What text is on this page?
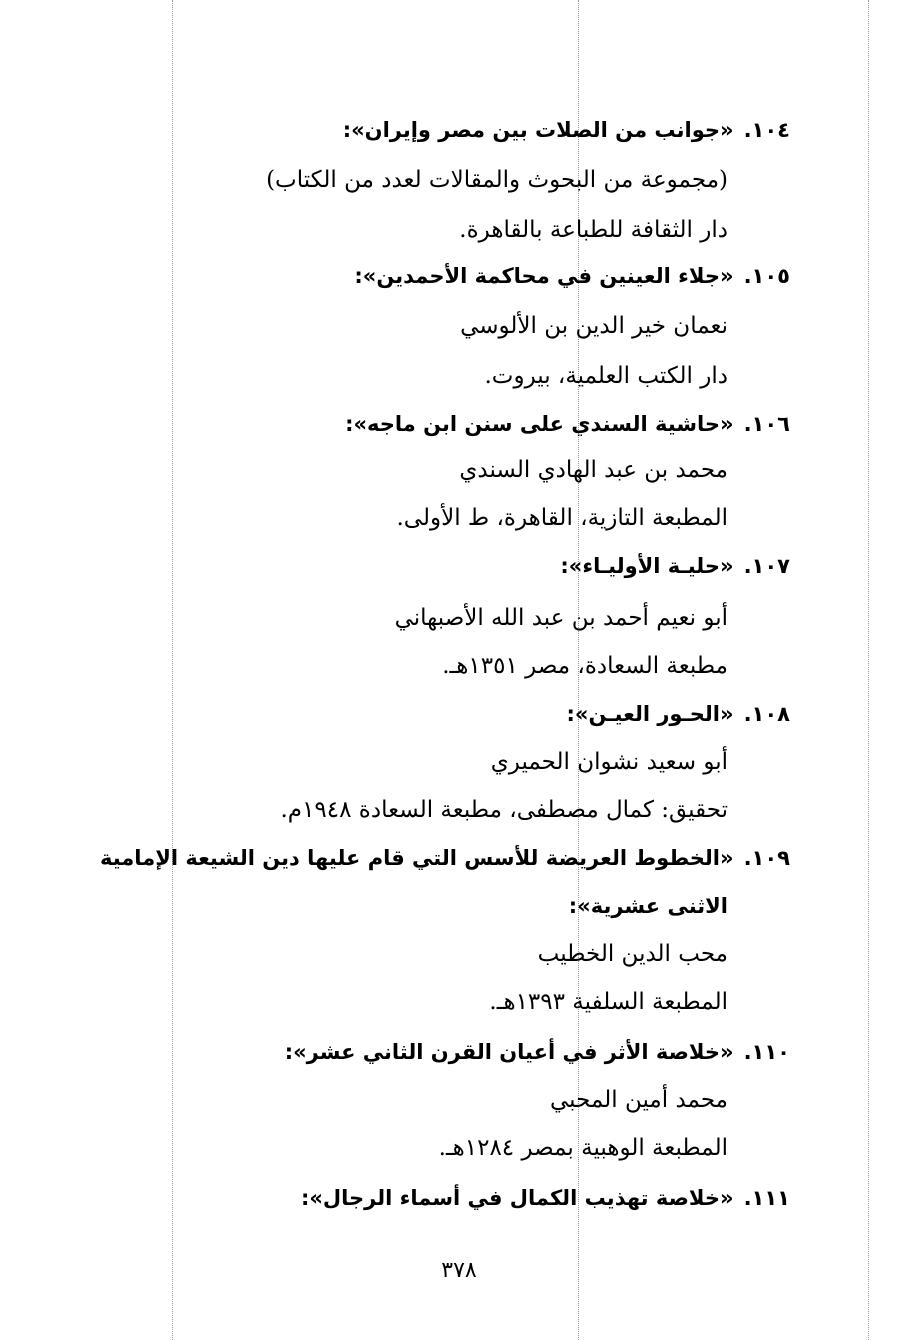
١٠٤.«جوانب من الصلات بين مصر وإيران»:
(مجموعة من البحوث والمقالات لعدد من الكتاب)
دار الثقافة للطباعة بالقاهرة.
١٠٥.«جلاء العينين في محاكمة الأحمدين»:
نعمان خير الدين بن الألوسي
دار الكتب العلمية، بيروت.
١٠٦.«حاشية السندي على سنن ابن ماجه»:
محمد بن عبد الهادي السندي
المطبعة التازية، القاهرة، ط الأولى.
١٠٧.«حليـة الأوليـاء»:
أبو نعيم أحمد بن عبد الله الأصبهاني
مطبعة السعادة، مصر ١٣٥١هـ.
١٠٨.«الحـور العيـن»:
أبو سعيد نشوان الحميري
تحقيق: كمال مصطفى، مطبعة السعادة ١٩٤٨م.
١٠٩.«الخطوط العريضة للأسس التي قام عليها دين الشيعة الإمامية
الاثنى عشرية»:
محب الدين الخطيب
المطبعة السلفية ١٣٩٣هـ.
١١٠.«خلاصة الأثر في أعيان القرن الثاني عشر»:
محمد أمين المحبي
المطبعة الوهبية بمصر ١٢٨٤هـ.
١١١.«خلاصة تهذيب الكمال في أسماء الرجال»:
٣٧٨
